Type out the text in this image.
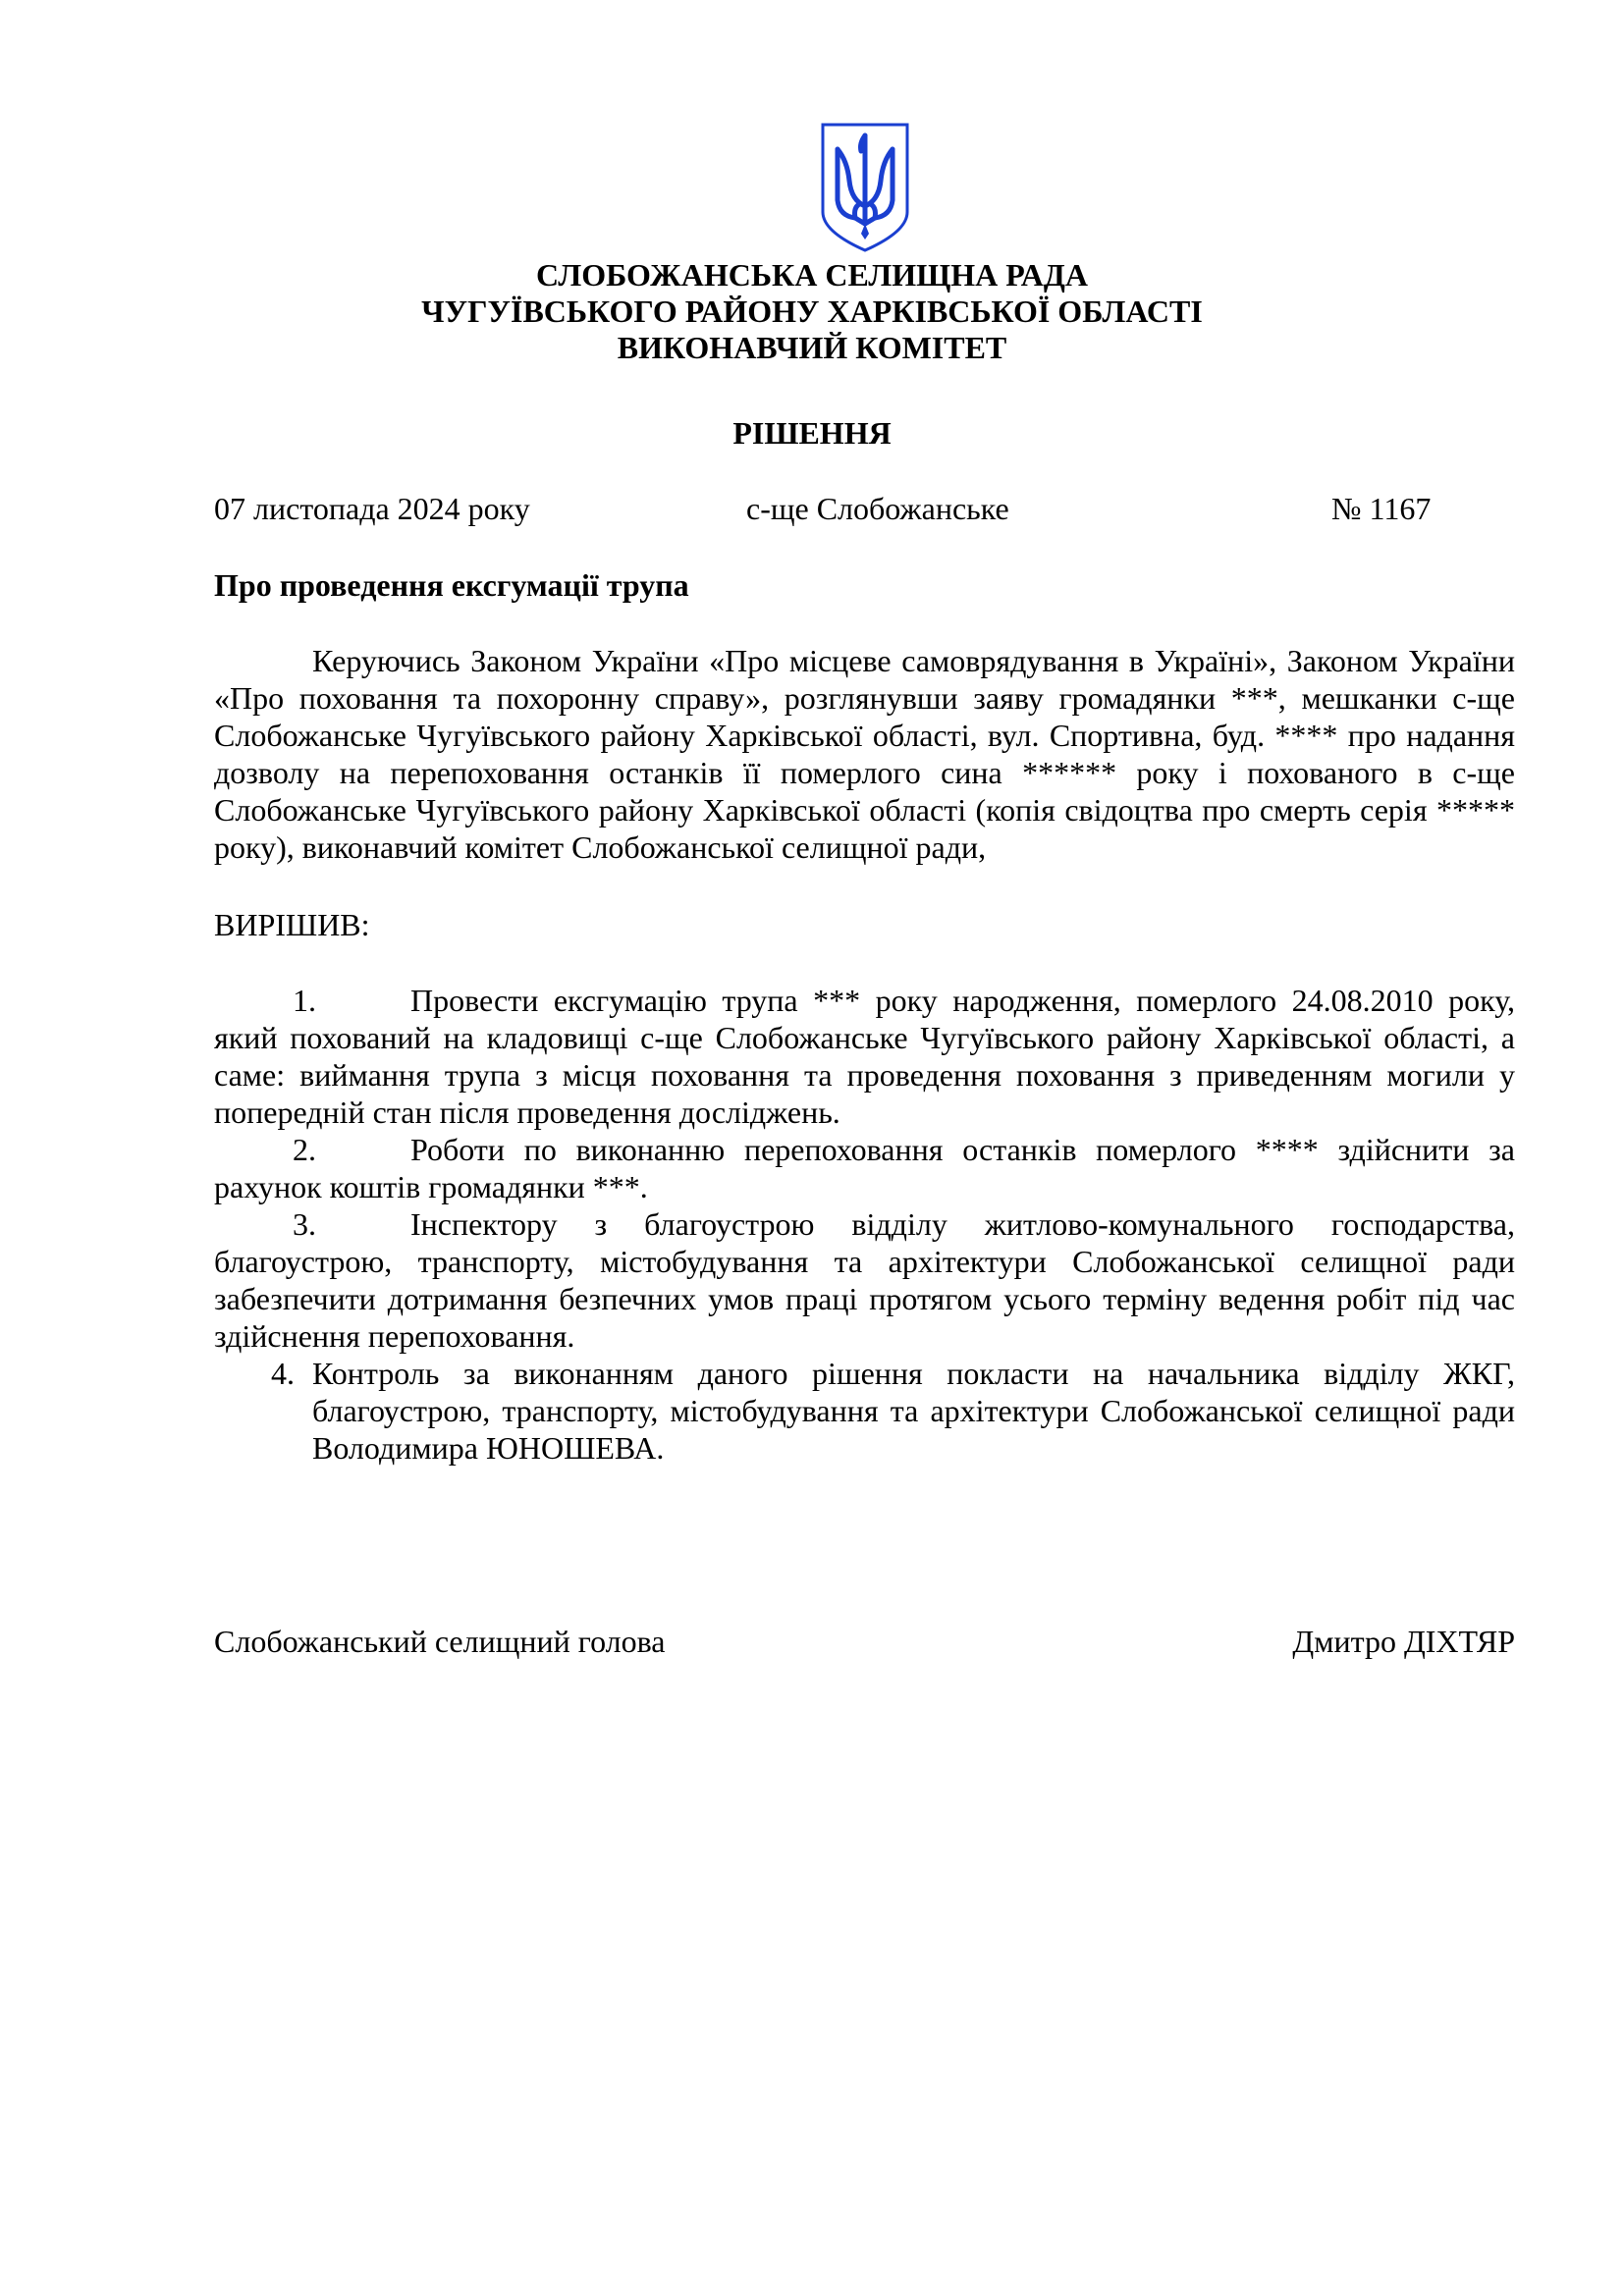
СЛОБОЖАНСЬКА СЕЛИЩНА РАДА
ЧУГУЇВСЬКОГО РАЙОНУ ХАРКІВСЬКОЇ ОБЛАСТІ
ВИКОНАВЧИЙ КОМІТЕТ
РІШЕННЯ
07 листопада 2024 року	с-ще Слобожанське	№ 1167
Про проведення ексгумації трупа

Керуючись Законом України «Про місцеве самоврядування в Україні», Законом України «Про поховання та похоронну справу», розглянувши заяву громадянки ***, мешканки с-ще Слобожанське Чугуївського району Харківської області, вул. Спортивна, буд. **** про надання дозволу на перепоховання останків її померлого сина ****** року і похованого в с-ще Слобожанське Чугуївського району Харківської області (копія свідоцтва про смерть серія ***** року), виконавчий комітет Слобожанської селищної ради,

ВИРІШИВ:

1.	Провести ексгумацію трупа *** року народження, померлого 24.08.2010 року, який похований на кладовищі с-ще Слобожанське Чугуївського району Харківської області, а саме: виймання трупа з місця поховання та проведення поховання з приведенням могили у попередній стан після проведення досліджень.

2.	Роботи по виконанню перепоховання останків померлого **** здійснити за рахунок коштів громадянки ***.

3.	Інспектору з благоустрою відділу житлово-комунального господарства, благоустрою, транспорту, містобудування та архітектури Слобожанської селищної ради забезпечити дотримання безпечних умов праці протягом усього терміну ведення робіт під час здійснення перепоховання.

4. Контроль за виконанням даного рішення покласти на начальника відділу ЖКГ, благоустрою, транспорту, містобудування та архітектури Слобожанської селищної ради Володимира ЮНОШЕВА.
Слобожанський селищний голова	Дмитро ДІХТЯР
